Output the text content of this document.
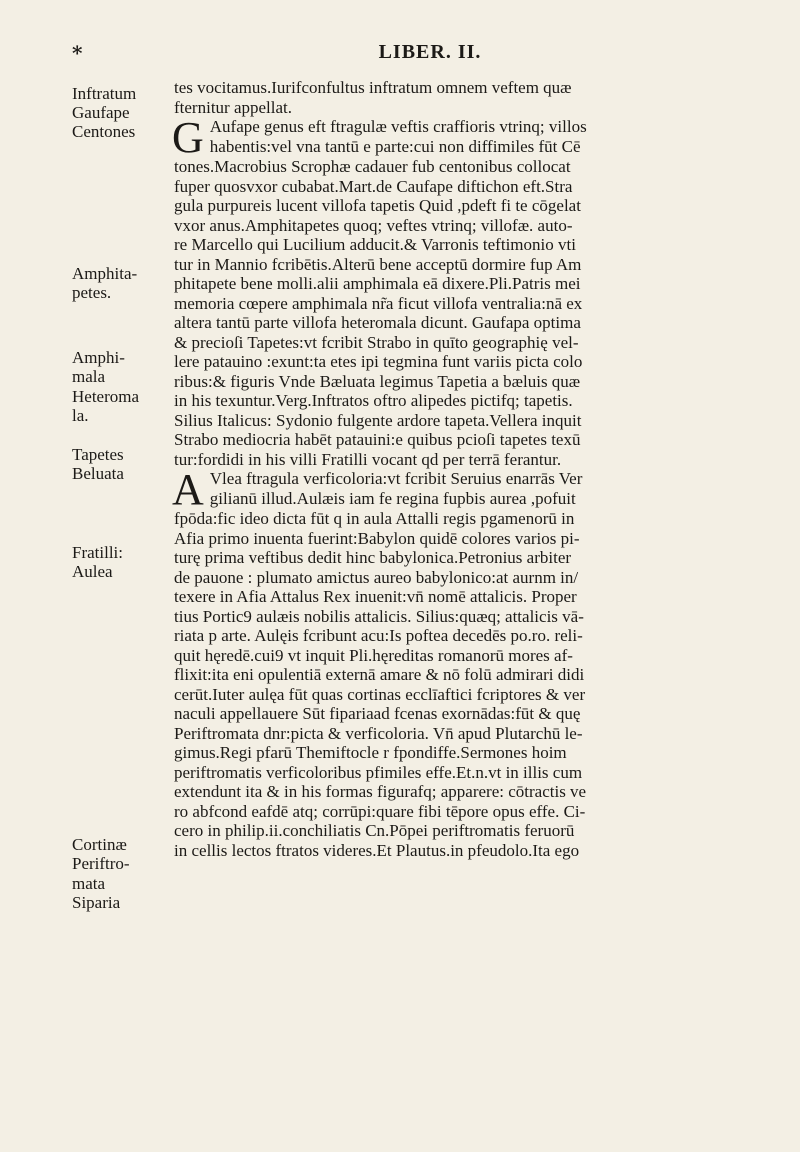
*	LIBER. II.
Inftratum
Gaufape
Centones
Amphita-
petes.
Amphi-
mala
Heteroma
la.
Tapetes
Beluata
Fratilli:
Aulea
Cortinæ
Periftro-
mata
Siparia
tes vocitamus.Iurifconfultus inftratum omnem veftem quæ
fternitur appellat.
G Aufape genus eft ftragulæ veftis craffioris vtrinq; villos
habentis:vel vna tantū e parte:cui non diffimiles fūt Cē
tones.Macrobius Scrophæ cadauer fub centonibus collocat
fuper quosvxor cubabat.Mart.de Caufape diftichon eft.Stra
gula purpureis lucent villofa tapetis Quid ,pdeft fi te cōgelat
vxor anus.Amphitapetes quoq; veftes vtrinq; villofæ. auto-
re Marcello qui Lucilium adducit.& Varronis teftimonio vti
tur in Mannio fcribētis.Alterū bene acceptū dormire fup Am
phitapete bene molli.alii amphimala eā dixere.Pli.Patris mei
memoria cœpere amphimala nr̃a ficut villofa ventralia:nā ex
altera tantū parte villofa heteromala dicunt. Gaufapa optima
& precioſi Tapetes:vt fcribit Strabo in quīto geographię vel-
lere patauino :exunt:ta etes ipi tegmina funt variis picta colo
ribus:& figuris Vnde Bæluata legimus Tapetia a bæluis quæ
in his texuntur.Verg.Inftratos oftro alipedes pictifq; tapetis.
Silius Italicus: Sydonio fulgente ardore tapeta.Vellera inquit
Strabo mediocria habēt patauini:e quibus pcioſi tapetes texū
tur:fordidi in his villi Fratilli vocant qd per terrā ferantur.
A Vlea ftragula verficoloria:vt fcribit Seruius enarrās Ver
gilianū illud.Aulæis iam fe regina fupbis aurea ,pofuit
fpōda:fic ideo dicta fūt q in aula Attalli regis pgamenorū in
Afia primo inuenta fuerint:Babylon quidē colores varios pi-
turę prima veftibus dedit hinc babylonica.Petronius arbiter
de pauone : plumato amictus aureo babylonico:at aurnm in/
texere in Afia Attalus Rex inuenit:vn̄ nomē attalicis. Proper
tius Portic9 aulæis nobilis attalicis. Silius:quæq; attalicis vā-
riata p arte. Aulęis fcribunt acu:Is poftea decedēs po.ro. reli-
quit hęredē.cui9 vt inquit Pli.hęreditas romanorū mores af-
flixit:ita eni opulentiā externā amare & nō folū admirari didi
cerūt.Iuter aulęa fūt quas cortinas ecclīaftici fcriptores & ver
naculi appellauere Sūt fipariaad fcenas exornādas:fūt & quę
Periftromata dnr:picta & verficoloria. Vn̄ apud Plutarchū le-
gimus.Regi pfarū Themiftocle r fpondiffe.Sermones hoim
periftromatis verficoloribus pfimiles effe.Et.n.vt in illis cum
extendunt ita & in his formas figurafq; apparere: cōtractis ve
ro abfcond eafdē atq; corrūpi:quare fibi tēpore opus effe. Ci-
cero in philip.ii.conchiliatis Cn.Pōpei periftromatis feruorū
in cellis lectos ftratos videres.Et Plautus.in pfeudolo.Ita ego
